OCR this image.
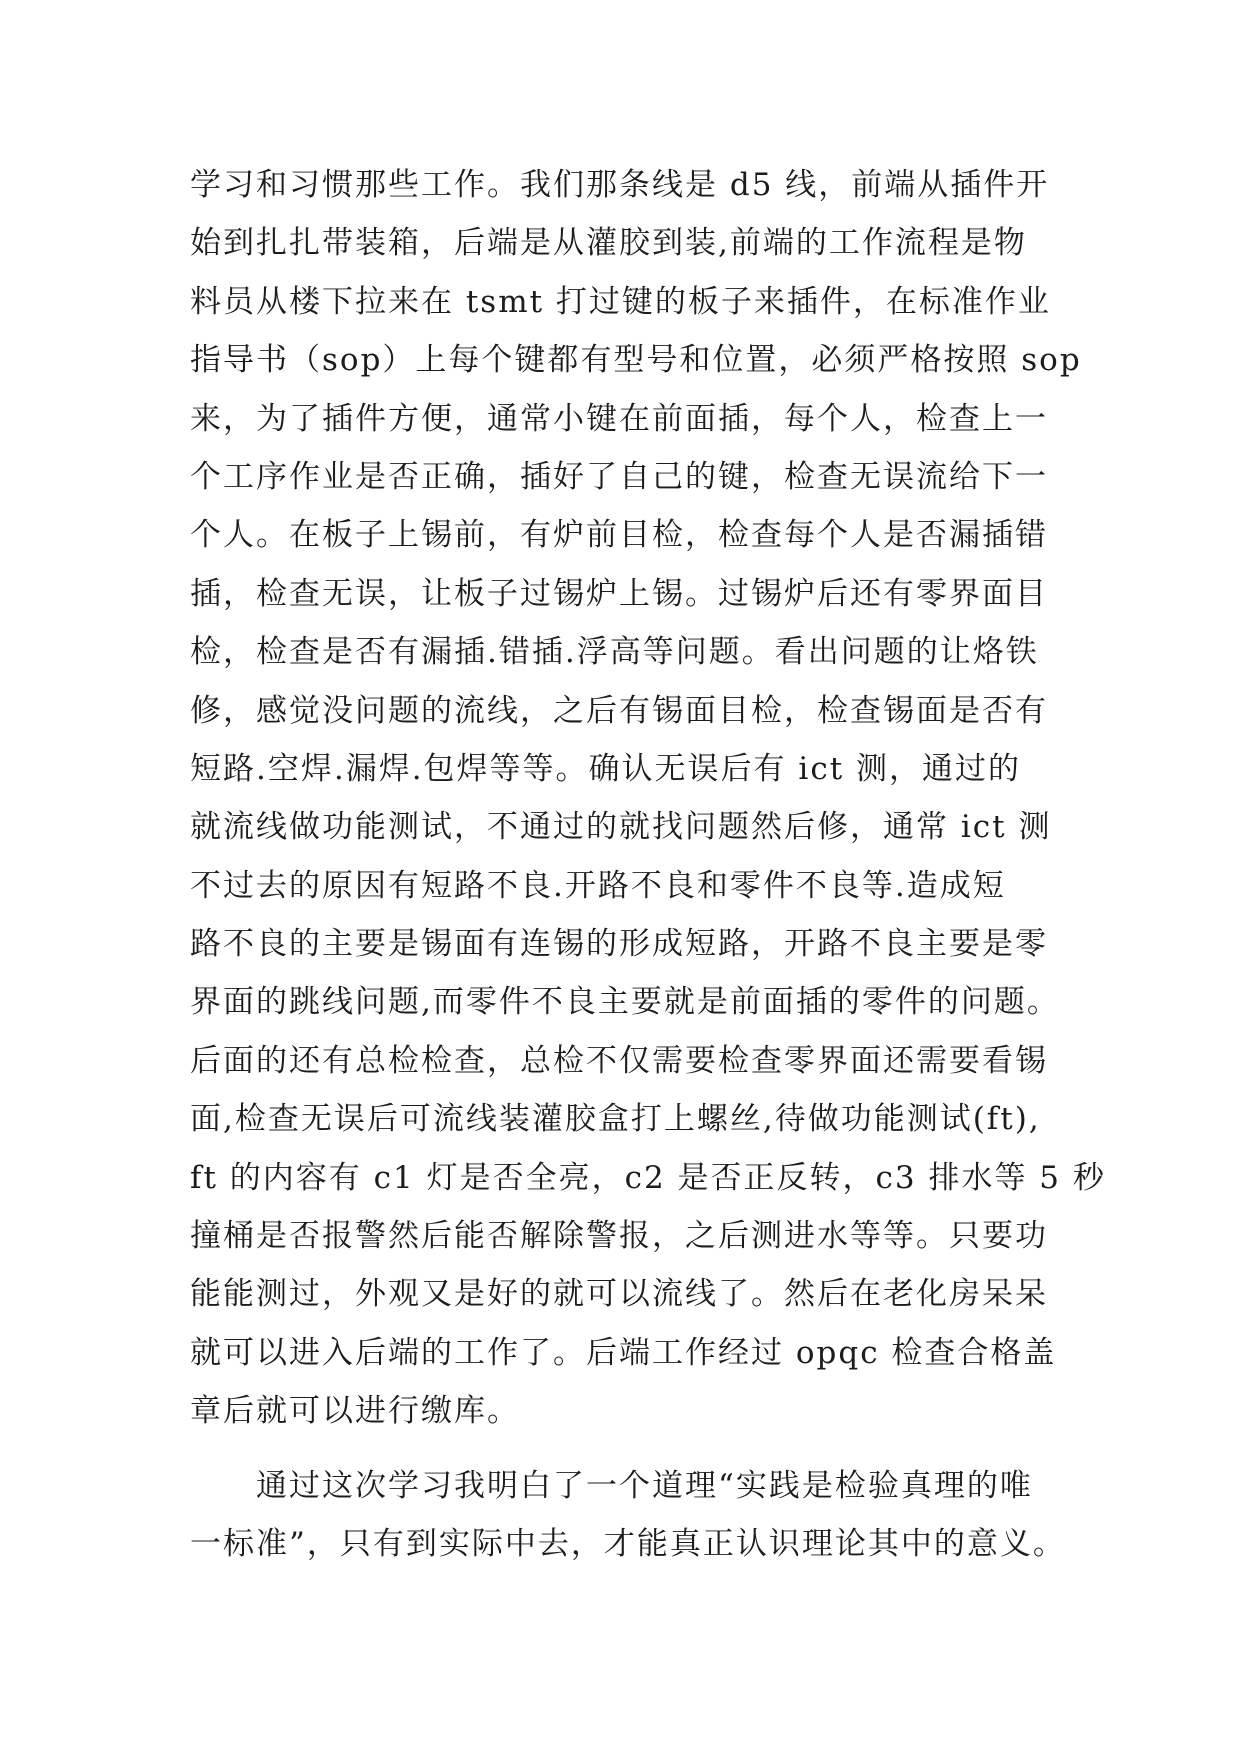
学习和习惯那些工作。我们那条线是 d5 线，前端从插件开
始到扎扎带装箱，后端是从灌胶到装,前端的工作流程是物
料员从楼下拉来在 tsmt 打过键的板子来插件，在标准作业
指导书（sop）上每个键都有型号和位置，必须严格按照 sop
来，为了插件方便，通常小键在前面插，每个人，检查上一
个工序作业是否正确，插好了自己的键，检查无误流给下一
个人。在板子上锡前，有炉前目检，检查每个人是否漏插错
插，检查无误，让板子过锡炉上锡。过锡炉后还有零界面目
检，检查是否有漏插.错插.浮高等问题。看出问题的让烙铁
修，感觉没问题的流线，之后有锡面目检，检查锡面是否有
短路.空焊.漏焊.包焊等等。确认无误后有 ict 测，通过的
就流线做功能测试，不通过的就找问题然后修，通常 ict 测
不过去的原因有短路不良.开路不良和零件不良等.造成短
路不良的主要是锡面有连锡的形成短路，开路不良主要是零
界面的跳线问题,而零件不良主要就是前面插的零件的问题。
后面的还有总检检查，总检不仅需要检查零界面还需要看锡
面,检查无误后可流线装灌胶盒打上螺丝,待做功能测试(ft),
ft 的内容有 c1 灯是否全亮，c2 是否正反转，c3 排水等 5 秒
撞桶是否报警然后能否解除警报，之后测进水等等。只要功
能能测过，外观又是好的就可以流线了。然后在老化房呆呆
就可以进入后端的工作了。后端工作经过 opqc 检查合格盖
章后就可以进行缴库。
　　通过这次学习我明白了一个道理“实践是检验真理的唯
一标准”，只有到实际中去，才能真正认识理论其中的意义。
